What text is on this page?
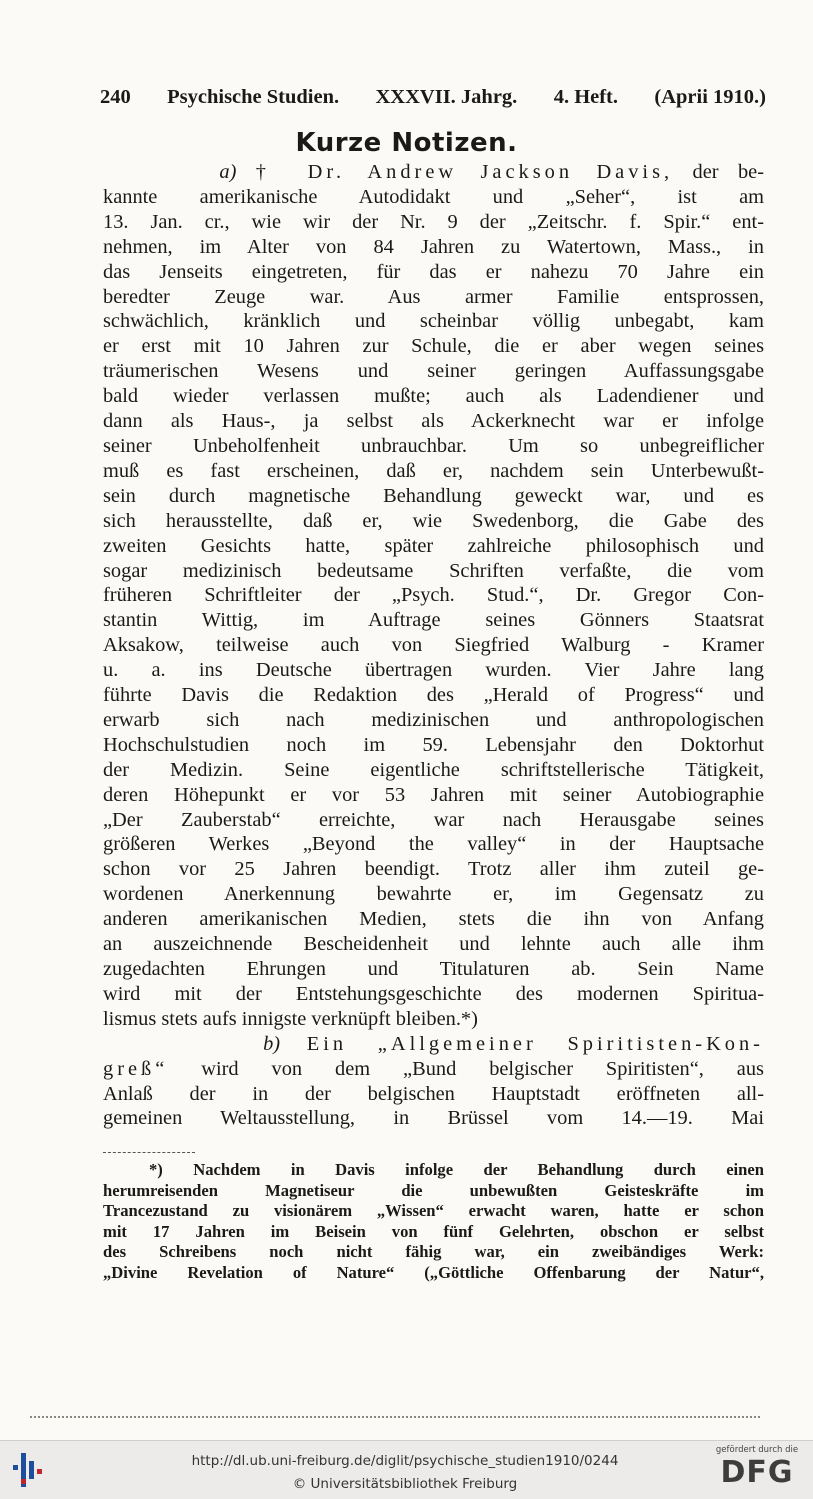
240 Psychische Studien. XXXVII. Jahrg. 4. Heft. (Aprii 1910.)
Kurze Notizen.

a) † Dr. Andrew Jackson Davis, der be-
kannte amerikanische Autodidakt und „Seher“, ist am
13. Jan. cr., wie wir der Nr. 9 der „Zeitschr. f. Spir.“ ent-
nehmen, im Alter von 84 Jahren zu Watertown, Mass., in
das Jenseits eingetreten, für das er nahezu 70 Jahre ein
beredter Zeuge war. Aus armer Familie entsprossen,
schwächlich, kränklich und scheinbar völlig unbegabt, kam
er erst mit 10 Jahren zur Schule, die er aber wegen seines
träumerischen Wesens und seiner geringen Auffassungsgabe
bald wieder verlassen mußte; auch als Ladendiener und
dann als Haus-, ja selbst als Ackerknecht war er infolge
seiner Unbeholfenheit unbrauchbar. Um so unbegreiflicher
muß es fast erscheinen, daß er, nachdem sein Unterbewußt-
sein durch magnetische Behandlung geweckt war, und es
sich herausstellte, daß er, wie Swedenborg, die Gabe des
zweiten Gesichts hatte, später zahlreiche philosophisch und
sogar medizinisch bedeutsame Schriften verfaßte, die vom
früheren Schriftleiter der „Psych. Stud.“, Dr. Gregor Con-
stantin Wittig, im Auftrage seines Gönners Staatsrat
Aksakow, teilweise auch von Siegfried Walburg - Kramer
u. a. ins Deutsche übertragen wurden. Vier Jahre lang
führte Davis die Redaktion des „Herald of Progress“ und
erwarb sich nach medizinischen und anthropologischen
Hochschulstudien noch im 59. Lebensjahr den Doktorhut
der Medizin. Seine eigentliche schriftstellerische Tätigkeit,
deren Höhepunkt er vor 53 Jahren mit seiner Autobiographie
„Der Zauberstab“ erreichte, war nach Herausgabe seines
größeren Werkes „Beyond the valley“ in der Hauptsache
schon vor 25 Jahren beendigt. Trotz aller ihm zuteil ge-
wordenen Anerkennung bewahrte er, im Gegensatz zu
anderen amerikanischen Medien, stets die ihn von Anfang
an auszeichnende Bescheidenheit und lehnte auch alle ihm
zugedachten Ehrungen und Titulaturen ab. Sein Name
wird mit der Entstehungsgeschichte des modernen Spiritua-
lismus stets aufs innigste verknüpft bleiben.*)

b) Ein „Allgemeiner Spiritisten-Kon-
greß“ wird von dem „Bund belgischer Spiritisten“, aus
Anlaß der in der belgischen Hauptstadt eröffneten all-
gemeinen Weltausstellung, in Brüssel vom 14.—19. Mai

*) Nachdem in Davis infolge der Behandlung durch einen
herumreisenden Magnetiseur die unbewußten Geisteskräfte im
Trancezustand zu visionärem „Wissen“ erwacht waren, hatte er schon
mit 17 Jahren im Beisein von fünf Gelehrten, obschon er selbst
des Schreibens noch nicht fähig war, ein zweibändiges Werk:
„Divine Revelation of Nature“ („Göttliche Offenbarung der Natur“,
http://dl.ub.uni-freiburg.de/diglit/psychische_studien1910/0244
© Universitätsbibliothek Freiburg
gefördert durch die
DFG
